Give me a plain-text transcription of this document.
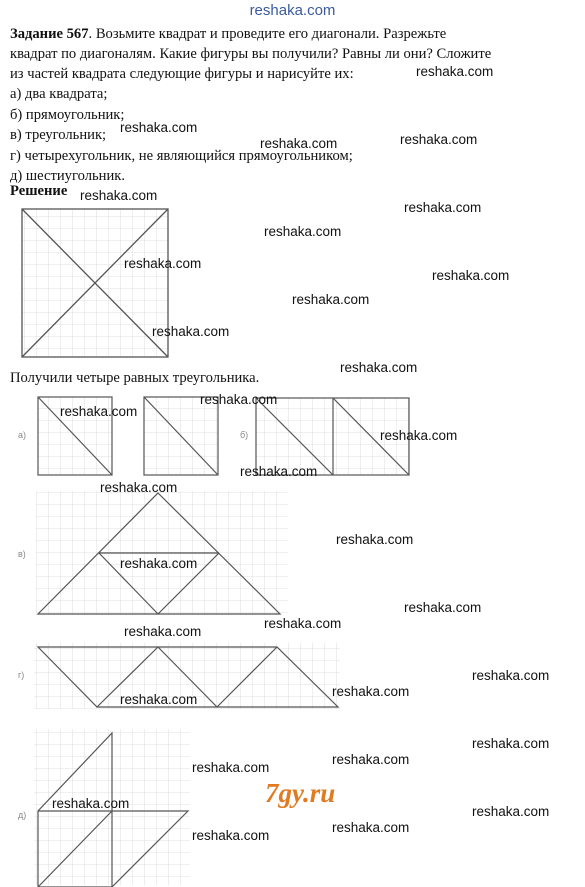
reshaka.com
Задание 567. Возьмите квадрат и проведите его диагонали. Разрежьте
квадрат по диагоналям. Какие фигуры вы получили? Равны ли они? Сложите
из частей квадрата следующие фигуры и нарисуйте их:
а) два квадрата;
б) прямоугольник;
в) треугольник;
г) четырехугольник, не являющийся прямоугольником;
д) шестиугольник.
Решение
Получили четыре равных треугольника.
а)	б)
в)
г)
д)
reshaka.com
reshaka.com
reshaka.com	reshaka.com
reshaka.com
reshaka.com
reshaka.com
reshaka.com
reshaka.com
reshaka.com
reshaka.com
reshaka.com
reshaka.com
reshaka.com
reshaka.com
reshaka.com
reshaka.com
reshaka.com
reshaka.com
reshaka.com
reshaka.com
reshaka.com
reshaka.com
reshaka.com
reshaka.com
reshaka.com
reshaka.com
reshaka.com
reshaka.com
reshaka.com
reshaka.com
reshaka.com
7gy.ru
